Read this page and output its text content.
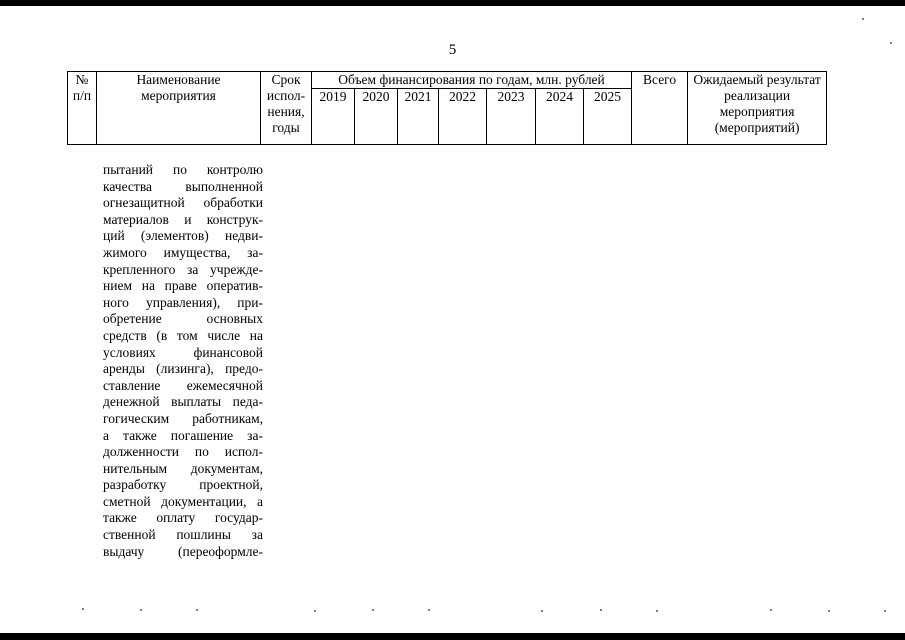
5
№ п/п	Наименование мероприятия	Срок испол-нения, годы	Объем финансирования по годам, млн. рублей							Всего	Ожидаемый результат реализации мероприятия (мероприятий)
			2019	2020	2021	2022	2023	2024	2025		
пытаний по контролю
качества выполненной
огнезащитной обработки
материалов и конструк-
ций (элементов) недви-
жимого имущества, за-
крепленного за учрежде-
нием на праве оператив-
ного управления), при-
обретение основных
средств (в том числе на
условиях финансовой
аренды (лизинга), предо-
ставление ежемесячной
денежной выплаты педа-
гогическим работникам,
а также погашение за-
долженности по испол-
нительным документам,
разработку проектной,
сметной документации, а
также оплату государ-
ственной пошлины за
выдачу (переоформле-
